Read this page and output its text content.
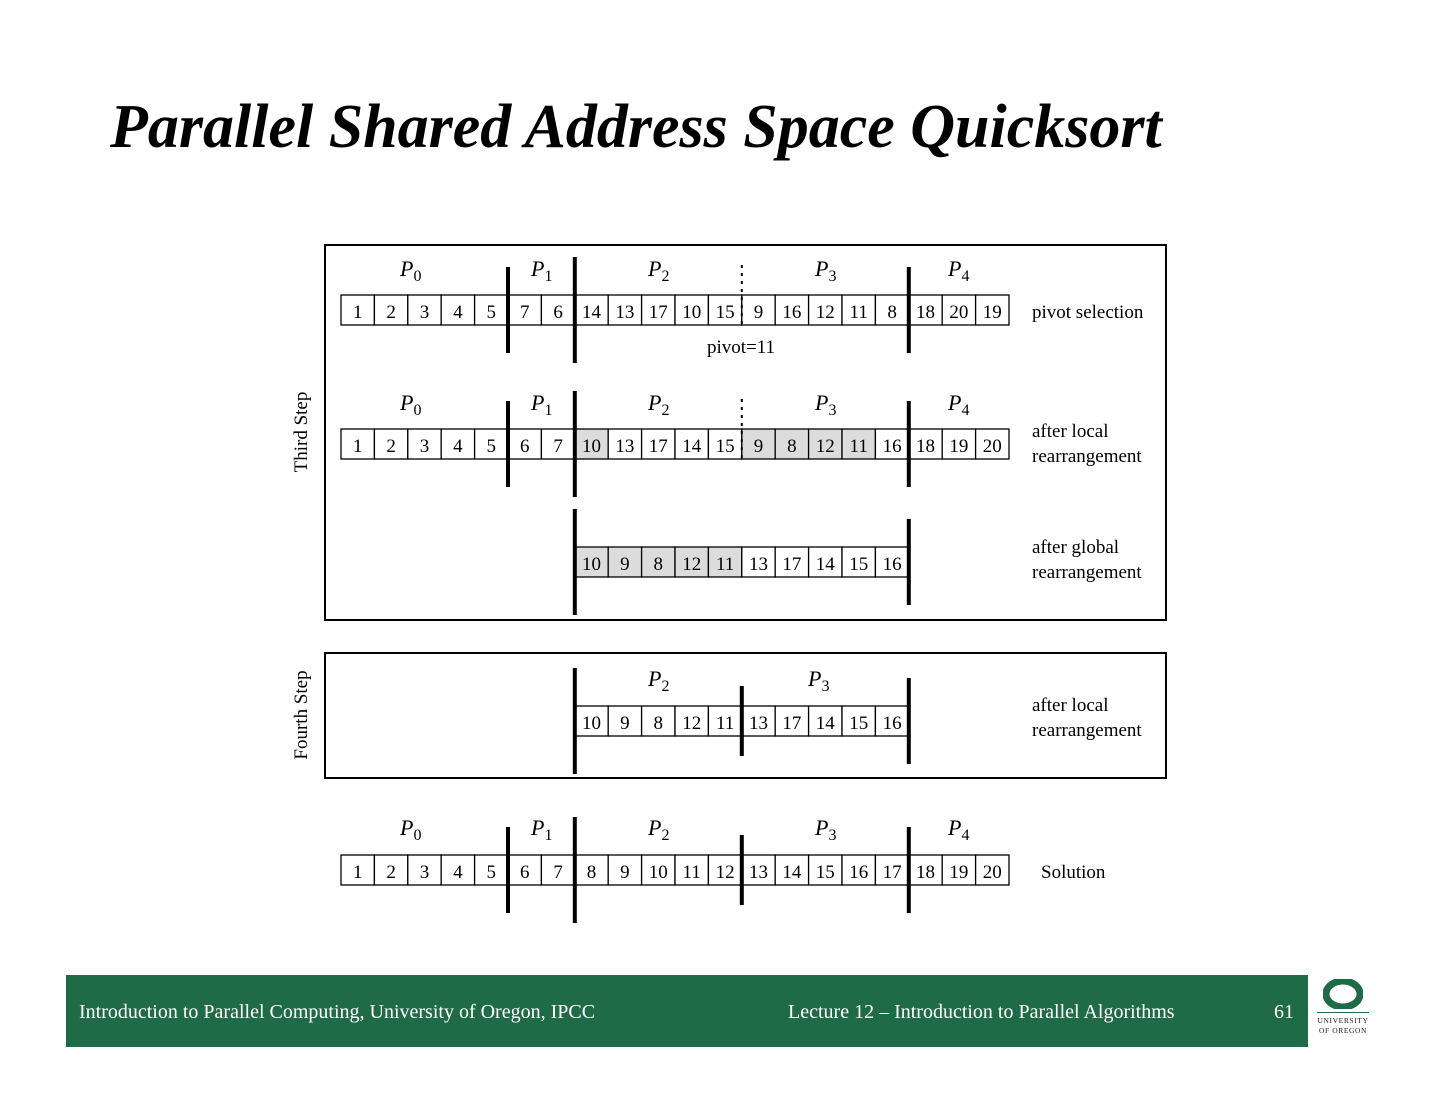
Parallel Shared Address Space Quicksort
Third Step
Fourth Step
pivot=11
1 2 3 4 5 7 6 14 13 17 10 15 9 16 12 11 8 18 20 19
1 2 3 4 5 6 7 10 13 17 14 15 9 8 12 11 16 18 19 20
10 9 8 12 11 13 17 14 15 16
10 9 8 12 11 13 17 14 15 16
1 2 3 4 5 6 7 8 9 10 11 12 13 14 15 16 17 18 19 20
$P_0$	$P_1$	$P_2$	$P_3$	$P_4$
$P_0$	$P_1$	$P_2$	$P_3$	$P_4$
$P_2$	$P_3$
$P_0$	$P_1$	$P_2$	$P_3$	$P_4$
pivot selection
after local
rearrangement
after global
rearrangement
after local
rearrangement
Solution
Introduction to Parallel Computing, University of Oregon, IPCC	Lecture 12 – Introduction to Parallel Algorithms	61	UNIVERSITY
OF OREGON
